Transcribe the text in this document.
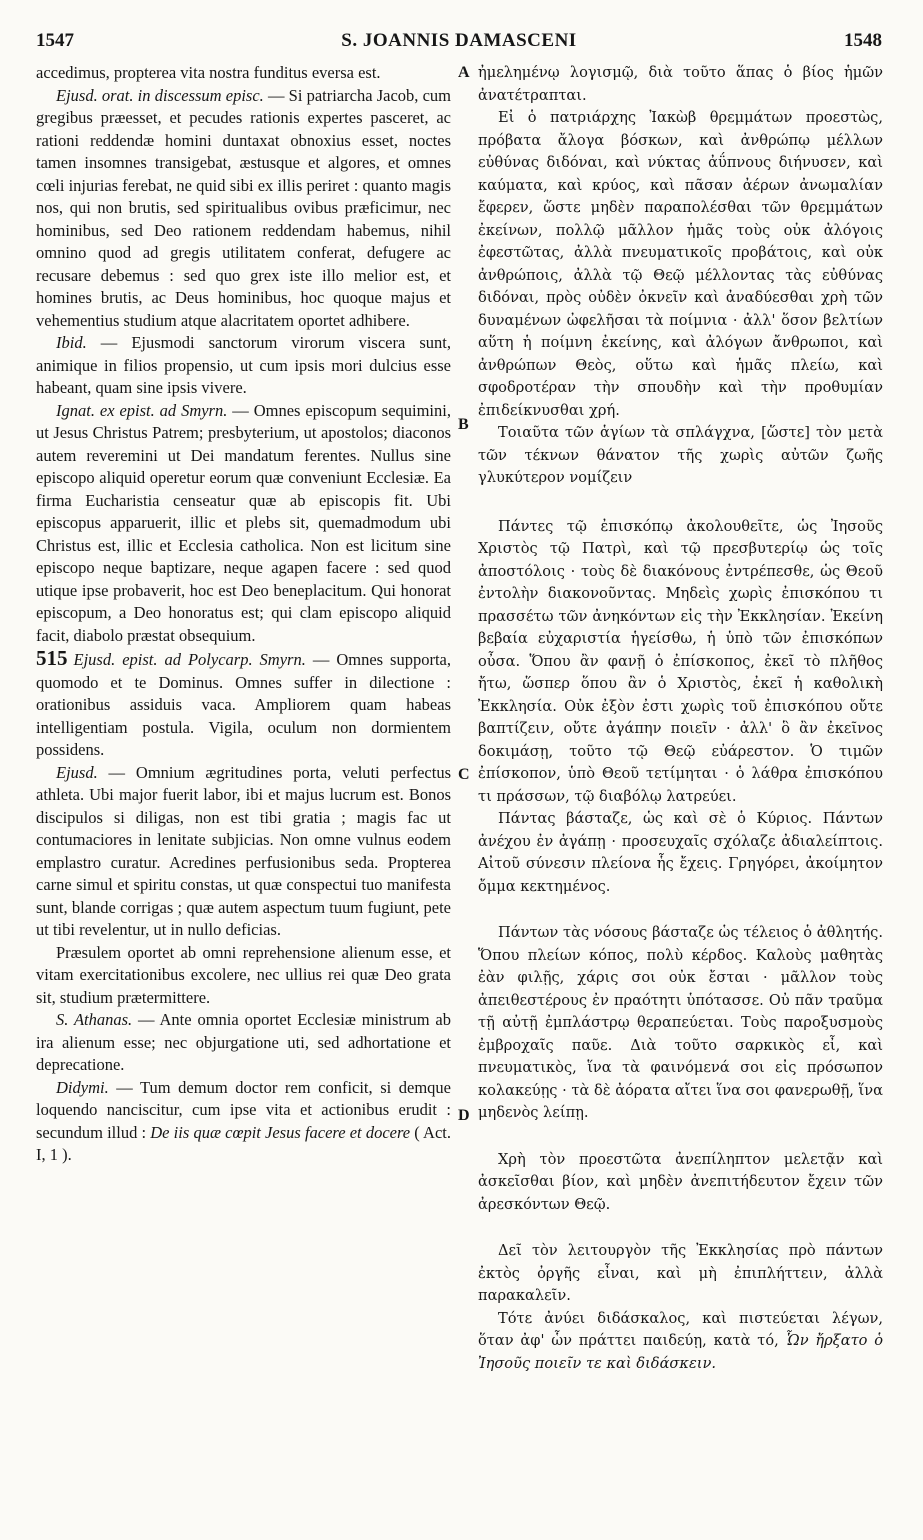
1547	S. JOANNIS DAMASCENI	1548
A
B
C
D

accedimus, propterea vita nostra funditus eversa est.

Ejusd. orat. in discessum episc. — Si patriarcha Jacob, cum gregibus præesset, et pecudes rationis expertes pasceret, ac rationi reddendæ homini duntaxat obnoxius esset, noctes tamen insomnes transigebat, æstusque et algores, et omnes cœli injurias ferebat, ne quid sibi ex illis periret : quanto magis nos, qui non brutis, sed spiritualibus ovibus præficimur, nec hominibus, sed Deo rationem reddendam habemus, nihil omnino quod ad gregis utilitatem conferat, defugere ac recusare debemus : sed quo grex iste illo melior est, et homines brutis, ac Deus hominibus, hoc quoque majus et vehementius studium atque alacritatem oportet adhibere.

Ibid. — Ejusmodi sanctorum virorum viscera sunt, animique in filios propensio, ut cum ipsis mori dulcius esse habeant, quam sine ipsis vivere.

Ignat. ex epist. ad Smyrn. — Omnes episcopum sequimini, ut Jesus Christus Patrem; presbyterium, ut apostolos; diaconos autem reveremini ut Dei mandatum ferentes. Nullus sine episcopo aliquid operetur eorum quæ conveniunt Ecclesiæ. Ea firma Eucharistia censeatur quæ ab episcopis fit. Ubi episcopus apparuerit, illic et plebs sit, quemadmodum ubi Christus est, illic et Ecclesia catholica. Non est licitum sine episcopo neque baptizare, neque agapen facere : sed quod utique ipse probaverit, hoc est Deo beneplacitum. Qui honorat episcopum, a Deo honoratus est; qui clam episcopo aliquid facit, diabolo præstat obsequium.

515 Ejusd. epist. ad Polycarp. Smyrn. — Omnes supporta, quomodo et te Dominus. Omnes suffer in dilectione : orationibus assiduis vaca. Ampliorem quam habeas intelligentiam postula. Vigila, oculum non dormientem possidens.

Ejusd. — Omnium ægritudines porta, veluti perfectus athleta. Ubi major fuerit labor, ibi et majus lucrum est. Bonos discipulos si diligas, non est tibi gratia ; magis fac ut contumaciores in lenitate subjicias. Non omne vulnus eodem emplastro curatur. Acredines perfusionibus seda. Propterea carne simul et spiritu constas, ut quæ conspectui tuo manifesta sunt, blande corrigas ; quæ autem aspectum tuum fugiunt, pete ut tibi revelentur, ut in nullo deficias.

Præsulem oportet ab omni reprehensione alienum esse, et vitam exercitationibus excolere, nec ullius rei quæ Deo grata sit, studium prætermittere.

S. Athanas. — Ante omnia oportet Ecclesiæ ministrum ab ira alienum esse; nec objurgatione uti, sed adhortatione et deprecatione.

Didymi. — Tum demum doctor rem conficit, si demque loquendo nanciscitur, cum ipse vita et actionibus erudit : secundum illud : De iis quæ cœpit Jesus facere et docere ( Act. I, 1 ).

ἠμελημένῳ λογισμῷ, διὰ τοῦτο ἅπας ὁ βίος ἡμῶν ἀνατέτραπται.

Εἰ ὁ πατριάρχης Ἰακὼβ θρεμμάτων προεστὼς, πρόβατα ἄλογα βόσκων, καὶ ἀνθρώπῳ μέλλων εὐθύνας διδόναι, καὶ νύκτας ἀΰπνους διήνυσεν, καὶ καύματα, καὶ κρύος, καὶ πᾶσαν ἀέρων ἀνωμαλίαν ἔφερεν, ὥστε μηδὲν παραπολέσθαι τῶν θρεμμάτων ἐκείνων, πολλῷ μᾶλλον ἡμᾶς τοὺς οὐκ ἀλόγοις ἐφεστῶτας, ἀλλὰ πνευματικοῖς προβάτοις, καὶ οὐκ ἀνθρώποις, ἀλλὰ τῷ Θεῷ μέλλοντας τὰς εὐθύνας διδόναι, πρὸς οὐδὲν ὀκνεῖν καὶ ἀναδύεσθαι χρὴ τῶν δυναμένων ὠφελῆσαι τὰ ποίμνια · ἀλλ' ὅσον βελτίων αὕτη ἡ ποίμνη ἐκείνης, καὶ ἀλόγων ἄνθρωποι, καὶ ἀνθρώπων Θεὸς, οὕτω καὶ ἡμᾶς πλείω, καὶ σφοδροτέραν τὴν σπουδὴν καὶ τὴν προθυμίαν ἐπιδείκνυσθαι χρή.

Τοιαῦτα τῶν ἁγίων τὰ σπλάγχνα, [ὥστε] τὸν μετὰ τῶν τέκνων θάνατον τῆς χωρὶς αὐτῶν ζωῆς γλυκύτερον νομίζειν

Πάντες τῷ ἐπισκόπῳ ἀκολουθεῖτε, ὡς Ἰησοῦς Χριστὸς τῷ Πατρὶ, καὶ τῷ πρεσβυτερίῳ ὡς τοῖς ἀποστόλοις · τοὺς δὲ διακόνους ἐντρέπεσθε, ὡς Θεοῦ ἐντολὴν διακονοῦντας. Μηδεὶς χωρὶς ἐπισκόπου τι πρασσέτω τῶν ἀνηκόντων εἰς τὴν Ἐκκλησίαν. Ἐκείνη βεβαία εὐχαριστία ἡγείσθω, ἡ ὑπὸ τῶν ἐπισκόπων οὖσα. Ὅπου ἂν φανῇ ὁ ἐπίσκοπος, ἐκεῖ τὸ πλῆθος ἤτω, ὥσπερ ὅπου ἂν ὁ Χριστὸς, ἐκεῖ ἡ καθολικὴ Ἐκκλησία. Οὐκ ἐξὸν ἐστι χωρὶς τοῦ ἐπισκόπου οὔτε βαπτίζειν, οὔτε ἀγάπην ποιεῖν · ἀλλ' ὃ ἂν ἐκεῖνος δοκιμάσῃ, τοῦτο τῷ Θεῷ εὐάρεστον. Ὁ τιμῶν ἐπίσκοπον, ὑπὸ Θεοῦ τετίμηται · ὁ λάθρα ἐπισκόπου τι πράσσων, τῷ διαβόλῳ λατρεύει.

Πάντας βάσταζε, ὡς καὶ σὲ ὁ Κύριος. Πάντων ἀνέχου ἐν ἀγάπῃ · προσευχαῖς σχόλαζε ἀδιαλείπτοις. Αἰτοῦ σύνεσιν πλείονα ἧς ἔχεις. Γρηγόρει, ἀκοίμητον ὄμμα κεκτημένος.

Πάντων τὰς νόσους βάσταζε ὡς τέλειος ὁ ἀθλητής. Ὅπου πλείων κόπος, πολὺ κέρδος. Καλοὺς μαθητὰς ἐὰν φιλῇς, χάρις σοι οὐκ ἔσται · μᾶλλον τοὺς ἀπειθεστέρους ἐν πραότητι ὑπότασσε. Οὐ πᾶν τραῦμα τῇ αὐτῇ ἐμπλάστρῳ θεραπεύεται. Τοὺς παροξυσμοὺς ἐμβροχαῖς παῦε. Διὰ τοῦτο σαρκικὸς εἶ, καὶ πνευματικὸς, ἵνα τὰ φαινόμενά σοι εἰς πρόσωπον κολακεύῃς · τὰ δὲ ἀόρατα αἴτει ἵνα σοι φανερωθῇ, ἵνα μηδενὸς λείπῃ.

Χρὴ τὸν προεστῶτα ἀνεπίληπτον μελετᾷν καὶ ἀσκεῖσθαι βίον, καὶ μηδὲν ἀνεπιτήδευτον ἔχειν τῶν ἀρεσκόντων Θεῷ.

Δεῖ τὸν λειτουργὸν τῆς Ἐκκλησίας πρὸ πάντων ἐκτὸς ὀργῆς εἶναι, καὶ μὴ ἐπιπλήττειν, ἀλλὰ παρακαλεῖν.

Τότε ἀνύει διδάσκαλος, καὶ πιστεύεται λέγων, ὅταν ἀφ' ὧν πράττει παιδεύῃ, κατὰ τό, Ὧν ἤρξατο ὁ Ἰησοῦς ποιεῖν τε καὶ διδάσκειν.
